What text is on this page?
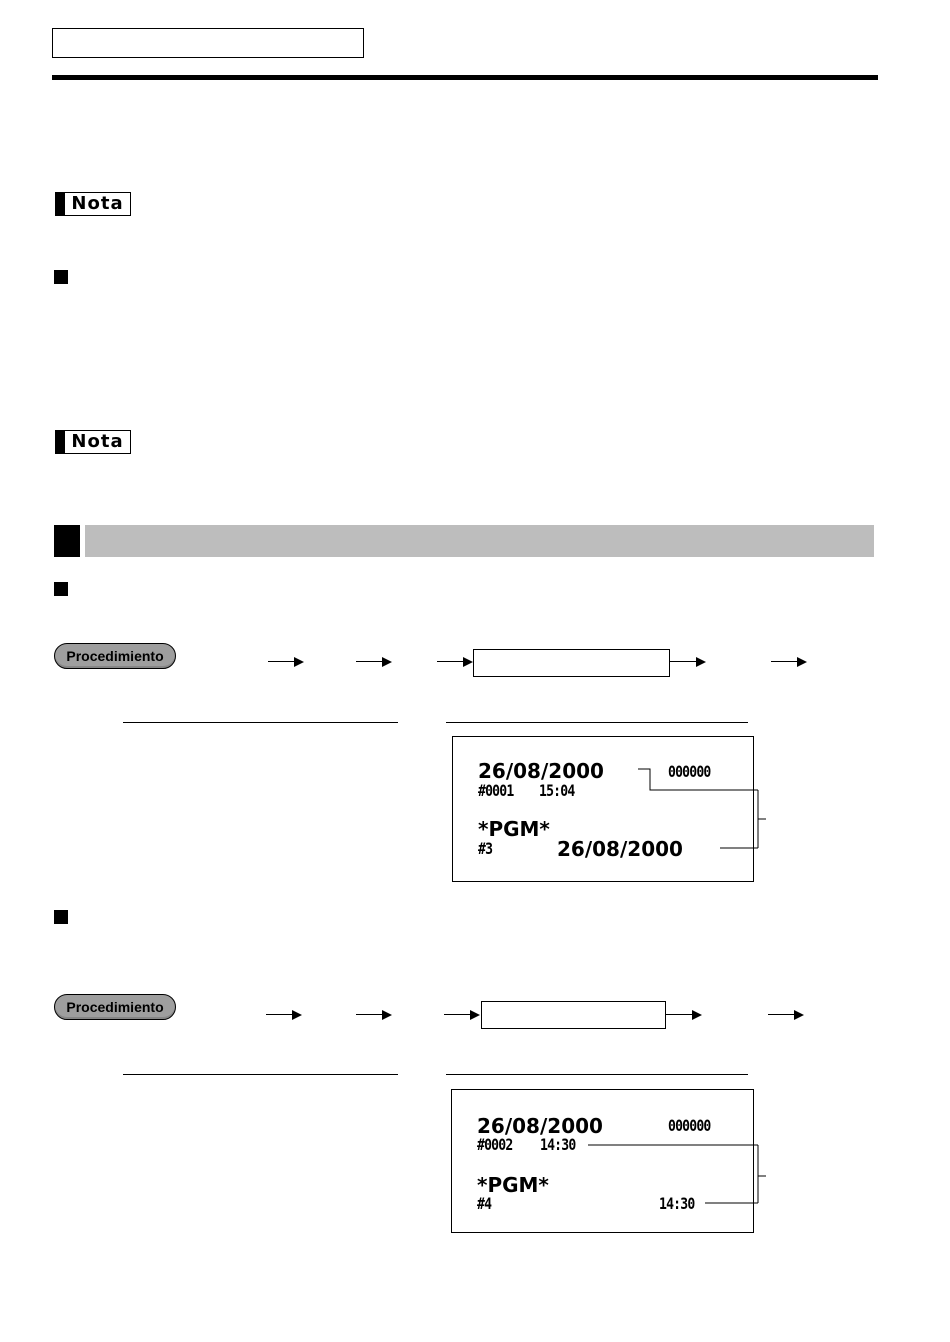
Nota
Nota
Procedimiento
26/08/2000	000000
#0001 15:04
*PGM*
#3	26/08/2000
Procedimiento
26/08/2000	000000
#0002 14:30
*PGM*
#4	14:30
